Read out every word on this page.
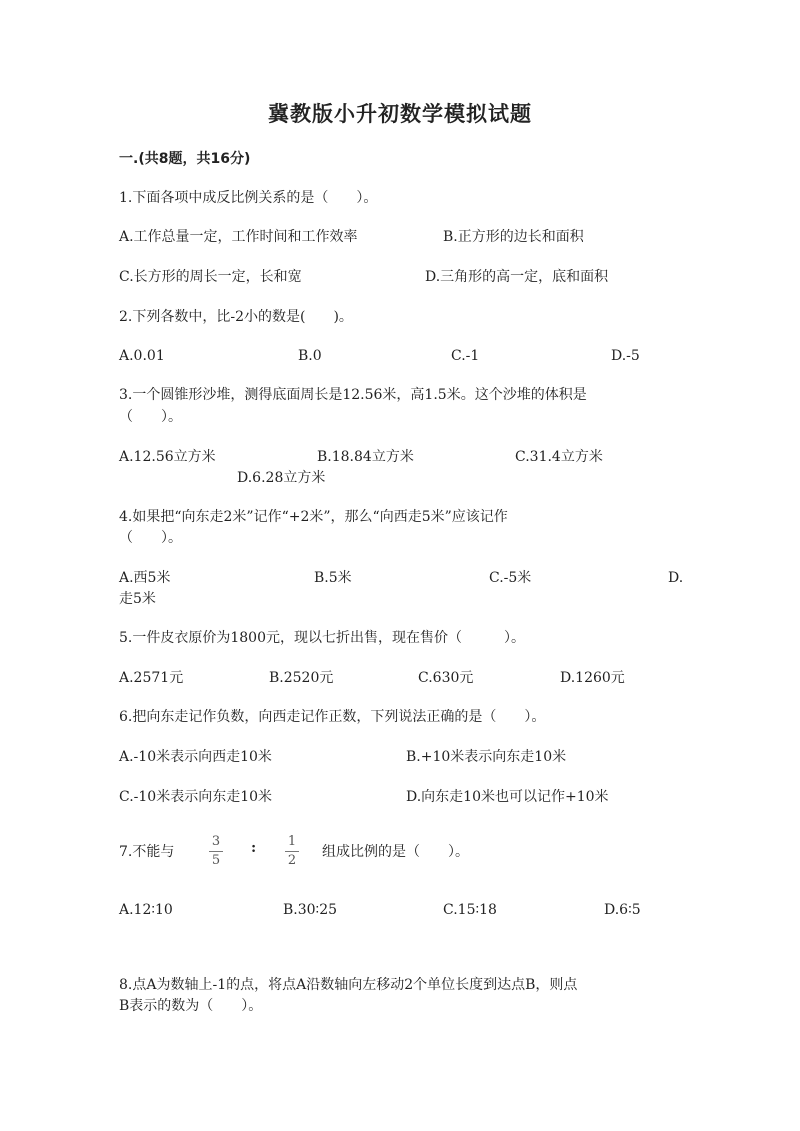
冀教版小升初数学模拟试题
一.(共8题，共16分)
1.下面各项中成反比例关系的是（　　）。
A.工作总量一定，工作时间和工作效率	B.正方形的边长和面积
C.长方形的周长一定，长和宽	D.三角形的高一定，底和面积
2.下列各数中，比-2小的数是(　　)。
A.0.01	B.0	C.-1	D.-5
3.一个圆锥形沙堆，测得底面周长是12.56米，高1.5米。这个沙堆的体积是
（　　）。
A.12.56立方米	B.18.84立方米	C.31.4立方米
D.6.28立方米
4.如果把“向东走2米”记作“+2米”，那么“向西走5米”应该记作
（　　）。
A.西5米	B.5米	C.-5米	D.
走5米
5.一件皮衣原价为1800元，现以七折出售，现在售价（　　　）。
A.2571元	B.2520元	C.630元	D.1260元
6.把向东走记作负数，向西走记作正数，下列说法正确的是（　　）。
A.-10米表示向西走10米	B.+10米表示向东走10米
C.-10米表示向东走10米	D.向东走10米也可以记作+10米
7.不能与
3
5
: 1
2
组成比例的是（　　）。
A.12∶10	B.30∶25	C.15∶18	D.6∶5
8.点A为数轴上-1的点，将点A沿数轴向左移动2个单位长度到达点B，则点
B表示的数为（　　）。
